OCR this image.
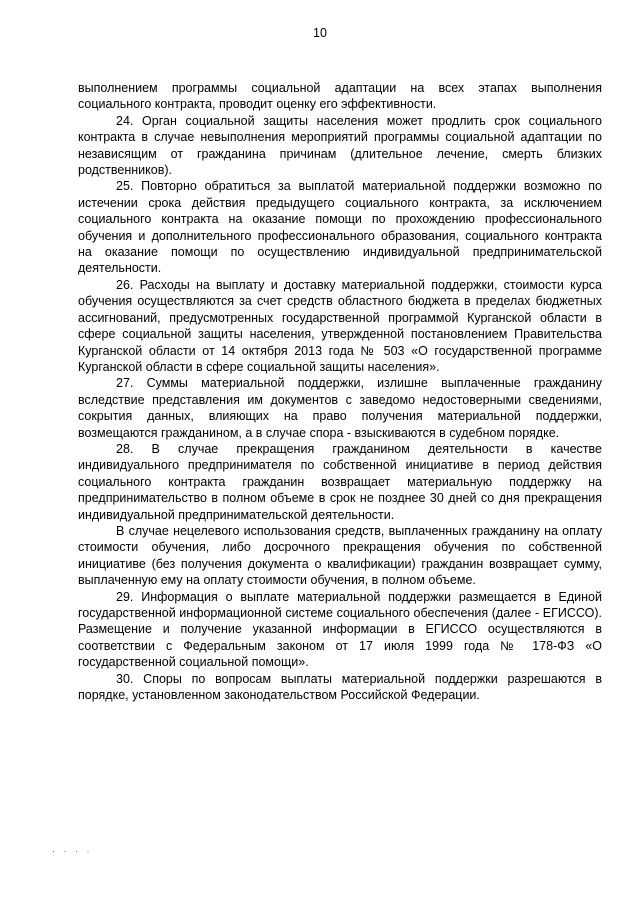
10

выполнением программы социальной адаптации на всех этапах выполнения социального контракта, проводит оценку его эффективности.

24. Орган социальной защиты населения может продлить срок социального контракта в случае невыполнения мероприятий программы социальной адаптации по независящим от гражданина причинам (длительное лечение, смерть близких родственников).

25. Повторно обратиться за выплатой материальной поддержки возможно по истечении срока действия предыдущего социального контракта, за исключением социального контракта на оказание помощи по прохождению профессионального обучения и дополнительного профессионального образования, социального контракта на оказание помощи по осуществлению индивидуальной предпринимательской деятельности.

26. Расходы на выплату и доставку материальной поддержки, стоимости курса обучения осуществляются за счет средств областного бюджета в пределах бюджетных ассигнований, предусмотренных государственной программой Курганской области в сфере социальной защиты населения, утвержденной постановлением Правительства Курганской области от 14 октября 2013 года № 503 «О государственной программе Курганской области в сфере социальной защиты населения».

27. Суммы материальной поддержки, излишне выплаченные гражданину вследствие представления им документов с заведомо недостоверными сведениями, сокрытия данных, влияющих на право получения материальной поддержки, возмещаются гражданином, а в случае спора - взыскиваются в судебном порядке.

28. В случае прекращения гражданином деятельности в качестве индивидуального предпринимателя по собственной инициативе в период действия социального контракта гражданин возвращает материальную поддержку на предпринимательство в полном объеме в срок не позднее 30 дней со дня прекращения индивидуальной предпринимательской деятельности.

В случае нецелевого использования средств, выплаченных гражданину на оплату стоимости обучения, либо досрочного прекращения обучения по собственной инициативе (без получения документа о квалификации) гражданин возвращает сумму, выплаченную ему на оплату стоимости обучения, в полном объеме.

29. Информация о выплате материальной поддержки размещается в Единой государственной информационной системе социального обеспечения (далее - ЕГИССО). Размещение и получение указанной информации в ЕГИССО осуществляются в соответствии с Федеральным законом от 17 июля 1999 года № 178-ФЗ «О государственной социальной помощи».

30. Споры по вопросам выплаты материальной поддержки разрешаются в порядке, установленном законодательством Российской Федерации.

· · · ·
